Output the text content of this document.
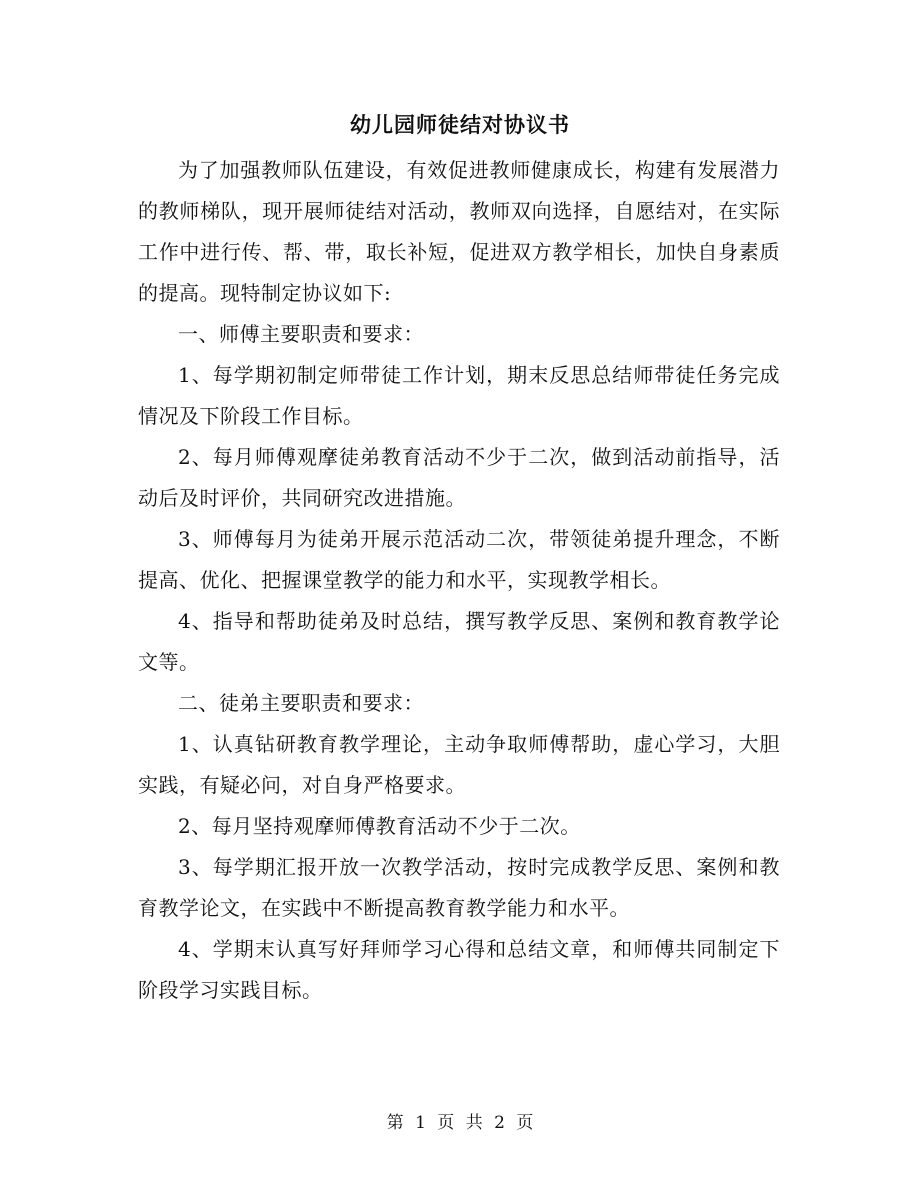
幼儿园师徒结对协议书

为了加强教师队伍建设，有效促进教师健康成长，构建有发展潜力的教师梯队，现开展师徒结对活动，教师双向选择，自愿结对，在实际工作中进行传、帮、带，取长补短，促进双方教学相长，加快自身素质的提高。现特制定协议如下:

一、师傅主要职责和要求：

1、每学期初制定师带徒工作计划，期末反思总结师带徒任务完成情况及下阶段工作目标。

2、每月师傅观摩徒弟教育活动不少于二次，做到活动前指导，活动后及时评价，共同研究改进措施。

3、师傅每月为徒弟开展示范活动二次，带领徒弟提升理念，不断提高、优化、把握课堂教学的能力和水平，实现教学相长。

4、指导和帮助徒弟及时总结，撰写教学反思、案例和教育教学论文等。

二、徒弟主要职责和要求：

1、认真钻研教育教学理论，主动争取师傅帮助，虚心学习，大胆实践，有疑必问，对自身严格要求。

2、每月坚持观摩师傅教育活动不少于二次。

3、每学期汇报开放一次教学活动，按时完成教学反思、案例和教育教学论文，在实践中不断提高教育教学能力和水平。

4、学期末认真写好拜师学习心得和总结文章，和师傅共同制定下阶段学习实践目标。

第 1 页 共 2 页
